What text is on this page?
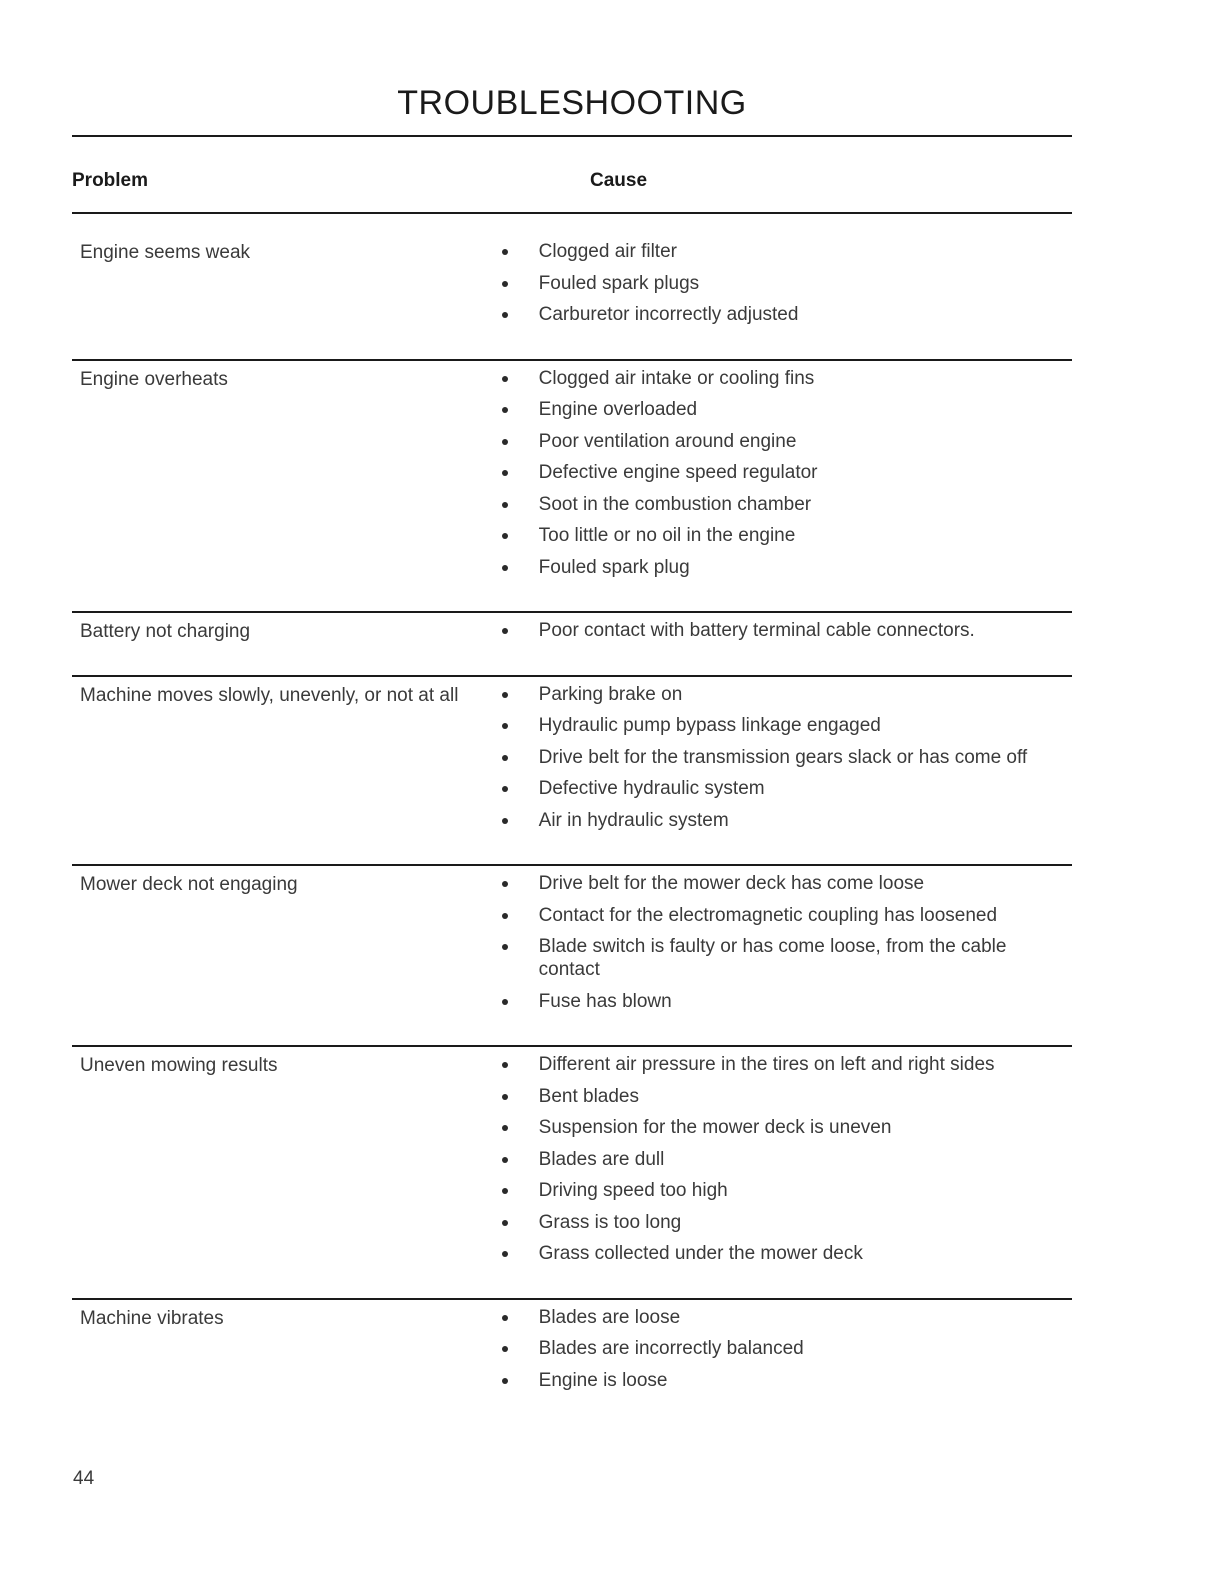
TROUBLESHOOTING
Problem	Cause
Engine seems weak	Clogged air filter
Fouled spark plugs
Carburetor incorrectly adjusted
Engine overheats	Clogged air intake or cooling fins
Engine overloaded
Poor ventilation around engine
Defective engine speed regulator
Soot in the combustion chamber
Too little or no oil in the engine
Fouled spark plug
Battery not charging	Poor contact with battery terminal cable connectors.
Machine moves slowly, unevenly, or not at all	Parking brake on
Hydraulic pump bypass linkage engaged
Drive belt for the transmission gears slack or has come off
Defective hydraulic system
Air in hydraulic system
Mower deck not engaging	Drive belt for the mower deck has come loose
Contact for the electromagnetic coupling has loosened
Blade switch is faulty or has come loose, from the cable contact
Fuse has blown
Uneven mowing results	Different air pressure in the tires on left and right sides
Bent blades
Suspension for the mower deck is uneven
Blades are dull
Driving speed too high
Grass is too long
Grass collected under the mower deck
Machine vibrates	Blades are loose
Blades are incorrectly balanced
Engine is loose
44
